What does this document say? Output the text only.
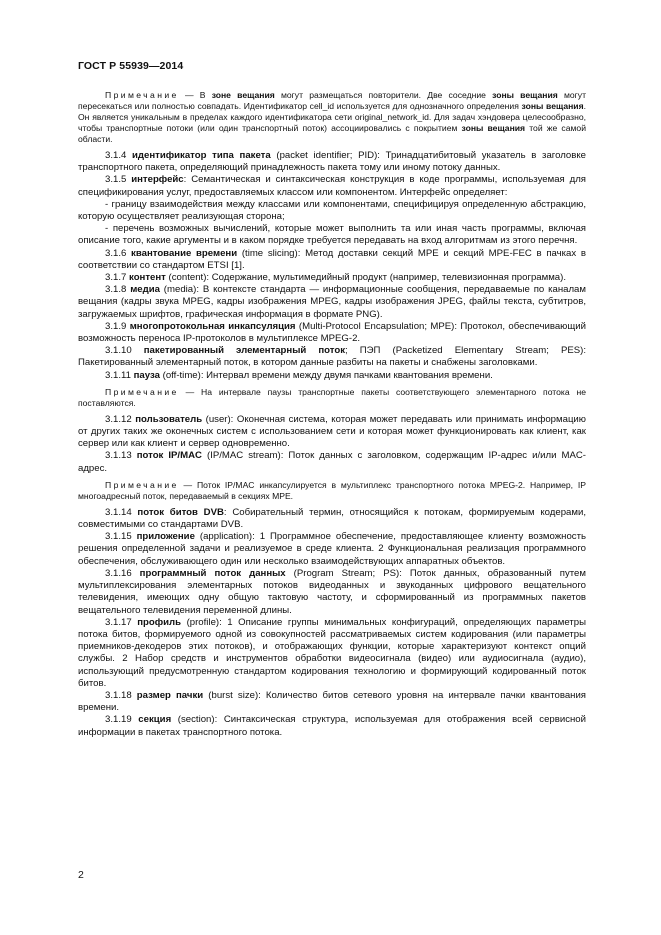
ГОСТ Р 55939—2014

Примечание — В зоне вещания могут размещаться повторители. Две соседние зоны вещания могут пересекаться или полностью совпадать. Идентификатор cell_id используется для однозначного определения зоны вещания. Он является уникальным в пределах каждого идентификатора сети original_network_id. Для задач хэндовера целесообразно, чтобы транспортные потоки (или один транспортный поток) ассоциировались с покрытием зоны вещания той же самой области.

3.1.4 идентификатор типа пакета (packet identifier; PID): Тринадцатибитовый указатель в заголовке транспортного пакета, определяющий принадлежность пакета тому или иному потоку данных.

3.1.5 интерфейс: Семантическая и синтаксическая конструкция в коде программы, используемая для спецификирования услуг, предоставляемых классом или компонентом. Интерфейс определяет:

- границу взаимодействия между классами или компонентами, специфицируя определенную абстракцию, которую осуществляет реализующая сторона;

- перечень возможных вычислений, которые может выполнить та или иная часть программы, включая описание того, какие аргументы и в каком порядке требуется передавать на вход алгоритмам из этого перечня.

3.1.6 квантование времени (time slicing): Метод доставки секций MPE и секций MPE-FEC в пачках в соответствии со стандартом ETSI [1].

3.1.7 контент (content): Содержание, мультимедийный продукт (например, телевизионная программа).

3.1.8 медиа (media): В контексте стандарта — информационные сообщения, передаваемые по каналам вещания (кадры звука MPEG, кадры изображения MPEG, кадры изображения JPEG, файлы текста, субтитров, загружаемых шрифтов, графическая информация в формате PNG).

3.1.9 многопротокольная инкапсуляция (Multi-Protocol Encapsulation; MPE): Протокол, обеспечивающий возможность переноса IP-протоколов в мультиплексе MPEG-2.

3.1.10 пакетированный элементарный поток; ПЭП (Packetized Elementary Stream; PES): Пакетированный элементарный поток, в котором данные разбиты на пакеты и снабжены заголовками.

3.1.11 пауза (off-time): Интервал времени между двумя пачками квантования времени.

Примечание — На интервале паузы транспортные пакеты соответствующего элементарного потока не поставляются.

3.1.12 пользователь (user): Оконечная система, которая может передавать или принимать информацию от других таких же оконечных систем с использованием сети и которая может функционировать как клиент, как сервер или как клиент и сервер одновременно.

3.1.13 поток IP/MAC (IP/MAC stream): Поток данных с заголовком, содержащим IP-адрес и/или MAC-адрес.

Примечание — Поток IP/MAC инкапсулируется в мультиплекс транспортного потока MPEG-2. Например, IP многоадресный поток, передаваемый в секциях MPE.

3.1.14 поток битов DVB: Собирательный термин, относящийся к потокам, формируемым кодерами, совместимыми со стандартами DVB.

3.1.15 приложение (application): 1 Программное обеспечение, предоставляющее клиенту возможность решения определенной задачи и реализуемое в среде клиента. 2 Функциональная реализация программного обеспечения, обслуживающего один или несколько взаимодействующих аппаратных объектов.

3.1.16 программный поток данных (Program Stream; PS): Поток данных, образованный путем мультиплексирования элементарных потоков видеоданных и звукоданных цифрового вещательного телевидения, имеющих одну общую тактовую частоту, и сформированный из программных пакетов вещательного телевидения переменной длины.

3.1.17 профиль (profile): 1 Описание группы минимальных конфигураций, определяющих параметры потока битов, формируемого одной из совокупностей рассматриваемых систем кодирования (или параметры приемников-декодеров этих потоков), и отображающих функции, которые характеризуют контекст опций службы. 2 Набор средств и инструментов обработки видеосигнала (видео) или аудиосигнала (аудио), использующий предусмотренную стандартом кодирования технологию и формирующий кодированный поток битов.

3.1.18 размер пачки (burst size): Количество битов сетевого уровня на интервале пачки квантования времени.

3.1.19 секция (section): Синтаксическая структура, используемая для отображения всей сервисной информации в пакетах транспортного потока.

2
